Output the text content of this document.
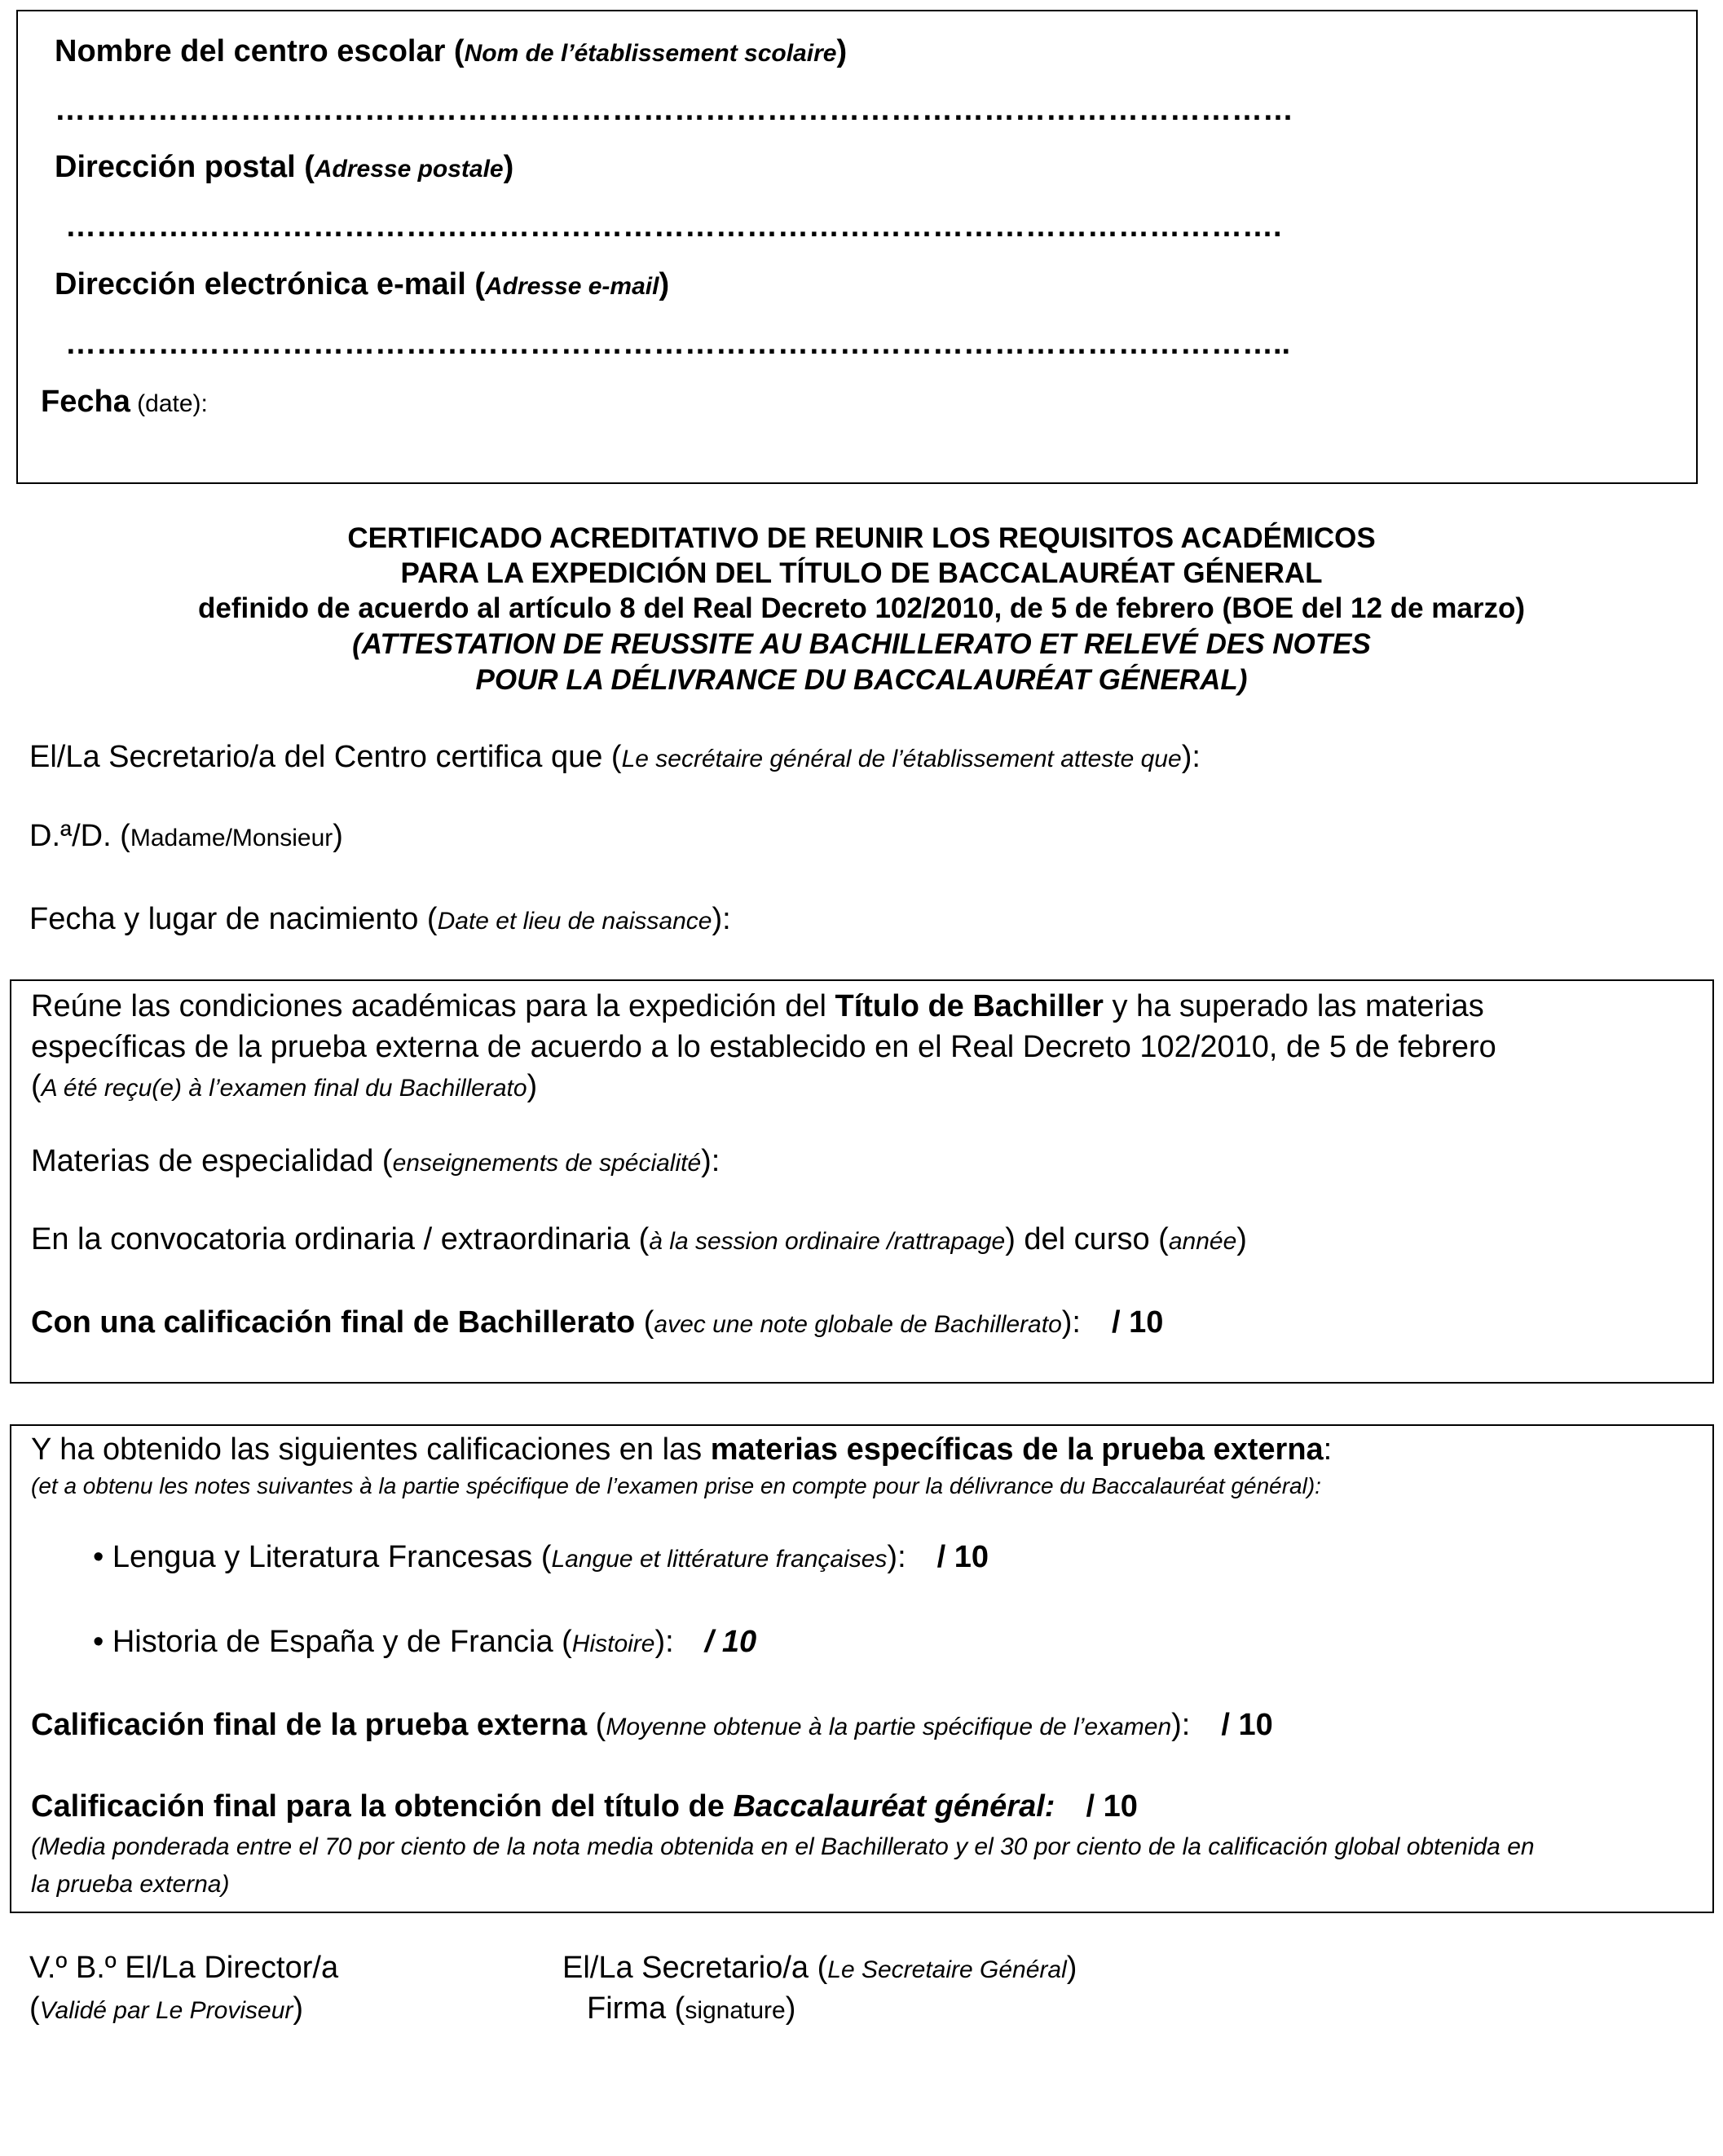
Nombre del centro escolar (Nom de l’établissement scolaire)
…………………………………………………………………………………………………………
Dirección postal (Adresse postale)
……………………………………………………………………………………………………….
Dirección electrónica e-mail (Adresse e-mail)
………………………………………………………………………………………………………..
Fecha (date):
CERTIFICADO ACREDITATIVO DE REUNIR LOS REQUISITOS ACADÉMICOS
PARA LA EXPEDICIÓN DEL TÍTULO DE BACCALAURÉAT GÉNERAL
definido de acuerdo al artículo 8 del Real Decreto 102/2010, de 5 de febrero (BOE del 12 de marzo)
(ATTESTATION DE REUSSITE AU BACHILLERATO ET RELEVÉ DES NOTES
POUR LA DÉLIVRANCE DU BACCALAURÉAT GÉNERAL)
El/La Secretario/a del Centro certifica que (Le secrétaire général de l’établissement atteste que):
D.ª/D. (Madame/Monsieur)
Fecha y lugar de nacimiento (Date et lieu de naissance):
Reúne las condiciones académicas para la expedición del Título de Bachiller y ha superado las materias
específicas de la prueba externa de acuerdo a lo establecido en el Real Decreto 102/2010, de 5 de febrero
(A été reçu(e) à l’examen final du Bachillerato)
Materias de especialidad (enseignements de spécialité):
En la convocatoria ordinaria / extraordinaria (à la session ordinaire /rattrapage) del curso (année)
Con una calificación final de Bachillerato (avec une note globale de Bachillerato): / 10
Y ha obtenido las siguientes calificaciones en las materias específicas de la prueba externa:
(et a obtenu les notes suivantes à la partie spécifique de l’examen prise en compte pour la délivrance du Baccalauréat général):
• Lengua y Literatura Francesas (Langue et littérature françaises): / 10
• Historia de España y de Francia (Histoire): / 10
Calificación final de la prueba externa (Moyenne obtenue à la partie spécifique de l’examen): / 10
Calificación final para la obtención del título de Baccalauréat général: / 10
(Media ponderada entre el 70 por ciento de la nota media obtenida en el Bachillerato y el 30 por ciento de la calificación global obtenida en
la prueba externa)
V.º B.º El/La Director/a
(Validé par Le Proviseur)
El/La Secretario/a (Le Secretaire Général)
Firma (signature)
